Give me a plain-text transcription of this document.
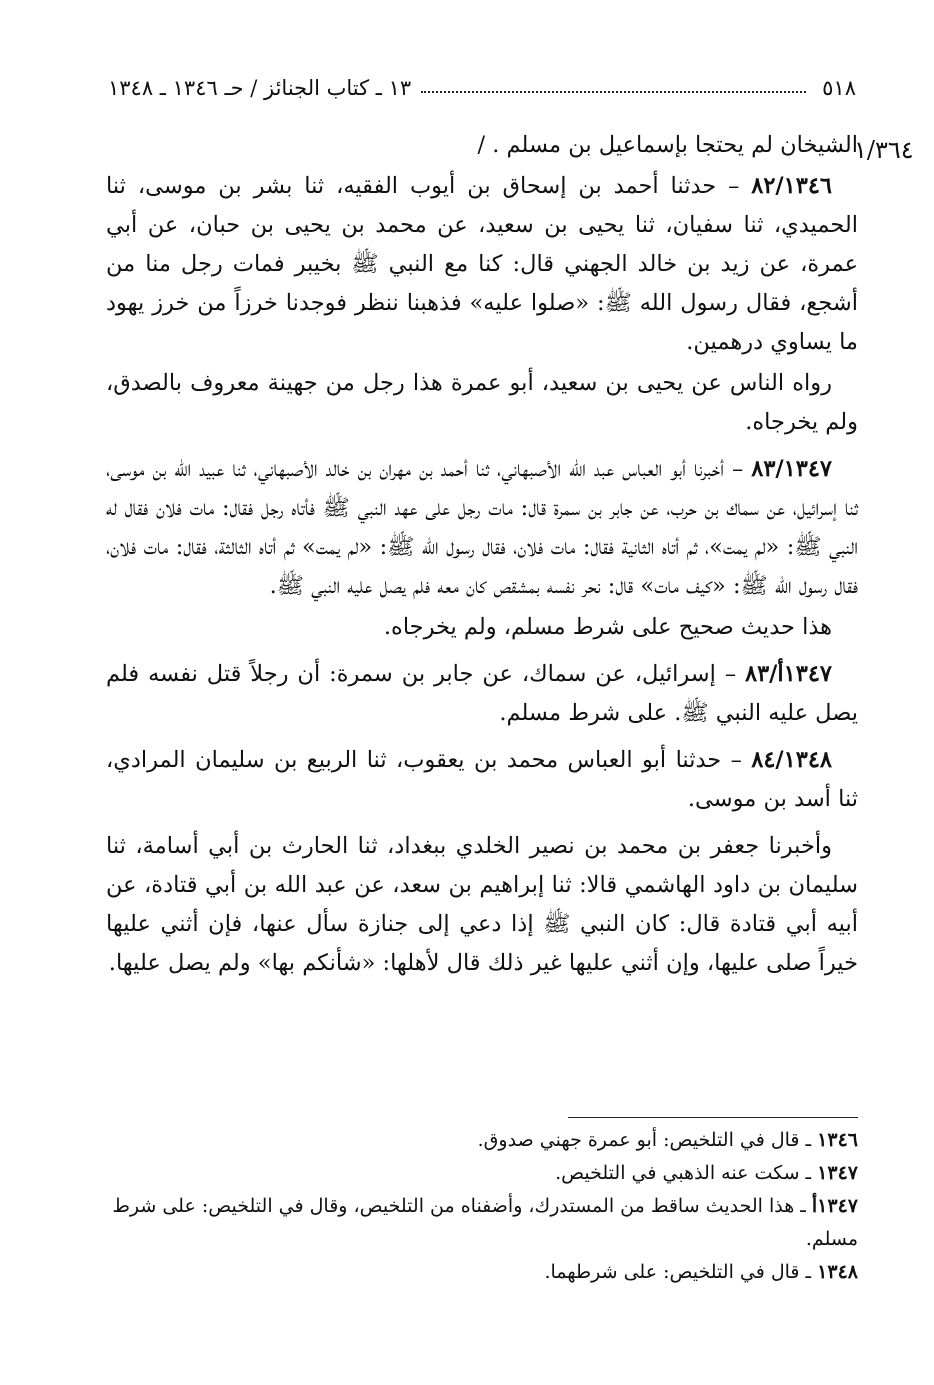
٥١٨
١٣ ـ كتاب الجنائز / حـ ١٣٤٦ ـ ١٣٤٨
١/٣٦٤

الشيخان لم يحتجا بإسماعيل بن مسلم . /

٨٢/١٣٤٦ – حدثنا أحمد بن إسحاق بن أيوب الفقيه، ثنا بشر بن موسى، ثنا الحميدي، ثنا سفيان، ثنا يحيى بن سعيد، عن محمد بن يحيى بن حبان، عن أبي عمرة، عن زيد بن خالد الجهني قال: كنا مع النبي ﷺ بخيبر فمات رجل منا من أشجع، فقال رسول الله ﷺ: «صلوا عليه» فذهبنا ننظر فوجدنا خرزاً من خرز يهود ما يساوي درهمين.

رواه الناس عن يحيى بن سعيد، أبو عمرة هذا رجل من جهينة معروف بالصدق، ولم يخرجاه.

٨٣/١٣٤٧ – أخبرنا أبو العباس عبد الله الأصبهاني، ثنا أحمد بن مهران بن خالد الأصبهاني، ثنا عبيد الله بن موسى، ثنا إسرائيل، عن سماك بن حرب، عن جابر بن سمرة قال: مات رجل على عهد النبي ﷺ فأتاه رجل فقال: مات فلان فقال له النبي ﷺ: «لم يمت»، ثم أتاه الثانية فقال: مات فلان، فقال رسول الله ﷺ: «لم يمت» ثم أتاه الثالثة، فقال: مات فلان، فقال رسول الله ﷺ: «كيف مات» قال: نحر نفسه بمشقص كان معه فلم يصل عليه النبي ﷺ.

هذا حديث صحيح على شرط مسلم، ولم يخرجاه.

١٣٤٧أ/٨٣ – إسرائيل، عن سماك، عن جابر بن سمرة: أن رجلاً قتل نفسه فلم يصل عليه النبي ﷺ. على شرط مسلم.

٨٤/١٣٤٨ – حدثنا أبو العباس محمد بن يعقوب، ثنا الربيع بن سليمان المرادي، ثنا أسد بن موسى.

وأخبرنا جعفر بن محمد بن نصير الخلدي ببغداد، ثنا الحارث بن أبي أسامة، ثنا سليمان بن داود الهاشمي قالا: ثنا إبراهيم بن سعد، عن عبد الله بن أبي قتادة، عن أبيه أبي قتادة قال: كان النبي ﷺ إذا دعي إلى جنازة سأل عنها، فإن أثني عليها خيراً صلى عليها، وإن أثني عليها غير ذلك قال لأهلها: «شأنكم بها» ولم يصل عليها.

١٣٤٦ ـ قال في التلخيص: أبو عمرة جهني صدوق.

١٣٤٧ ـ سكت عنه الذهبي في التلخيص.

١٣٤٧أ ـ هذا الحديث ساقط من المستدرك، وأضفناه من التلخيص، وقال في التلخيص: على شرط مسلم.

١٣٤٨ ـ قال في التلخيص: على شرطهما.
